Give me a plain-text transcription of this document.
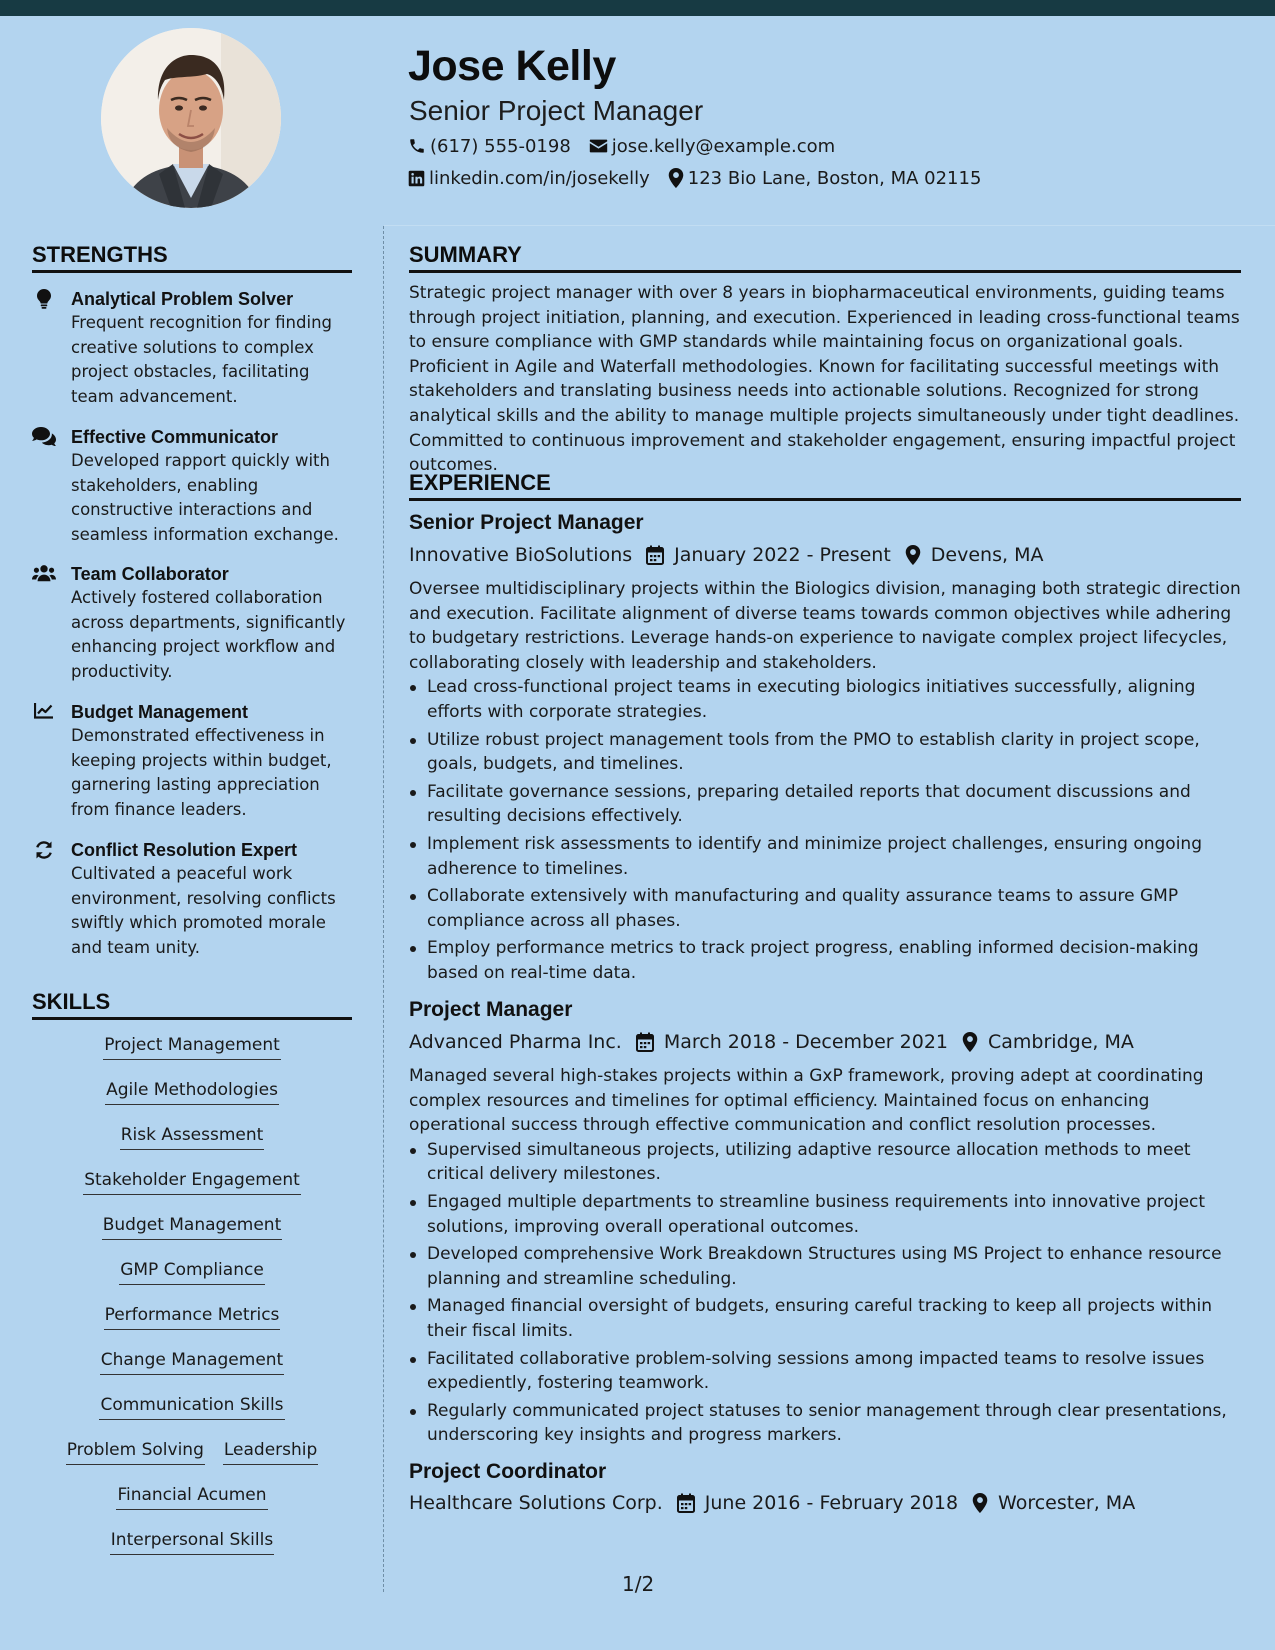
Jose Kelly
Senior Project Manager
(617) 555-0198 jose.kelly@example.com
linkedin.com/in/josekelly 123 Bio Lane, Boston, MA 02115
STRENGTHS
Analytical Problem Solver
Frequent recognition for finding creative solutions to complex project obstacles, facilitating team advancement.
Effective Communicator
Developed rapport quickly with stakeholders, enabling constructive interactions and seamless information exchange.
Team Collaborator
Actively fostered collaboration across departments, significantly enhancing project workflow and productivity.
Budget Management
Demonstrated effectiveness in keeping projects within budget, garnering lasting appreciation from finance leaders.
Conflict Resolution Expert
Cultivated a peaceful work environment, resolving conflicts swiftly which promoted morale and team unity.
SKILLS
Project Management
Agile Methodologies
Risk Assessment
Stakeholder Engagement
Budget Management
GMP Compliance
Performance Metrics
Change Management
Communication Skills
Problem Solving Leadership
Financial Acumen
Interpersonal Skills
SUMMARY
Strategic project manager with over 8 years in biopharmaceutical environments, guiding teams through project initiation, planning, and execution. Experienced in leading cross-functional teams to ensure compliance with GMP standards while maintaining focus on organizational goals. Proficient in Agile and Waterfall methodologies. Known for facilitating successful meetings with stakeholders and translating business needs into actionable solutions. Recognized for strong analytical skills and the ability to manage multiple projects simultaneously under tight deadlines. Committed to continuous improvement and stakeholder engagement, ensuring impactful project outcomes.
EXPERIENCE
Senior Project Manager
Innovative BioSolutions January 2022 - Present Devens, MA
Oversee multidisciplinary projects within the Biologics division, managing both strategic direction and execution. Facilitate alignment of diverse teams towards common objectives while adhering to budgetary restrictions. Leverage hands-on experience to navigate complex project lifecycles, collaborating closely with leadership and stakeholders.
Lead cross-functional project teams in executing biologics initiatives successfully, aligning efforts with corporate strategies.
Utilize robust project management tools from the PMO to establish clarity in project scope, goals, budgets, and timelines.
Facilitate governance sessions, preparing detailed reports that document discussions and resulting decisions effectively.
Implement risk assessments to identify and minimize project challenges, ensuring ongoing adherence to timelines.
Collaborate extensively with manufacturing and quality assurance teams to assure GMP compliance across all phases.
Employ performance metrics to track project progress, enabling informed decision-making based on real-time data.
Project Manager
Advanced Pharma Inc. March 2018 - December 2021 Cambridge, MA
Managed several high-stakes projects within a GxP framework, proving adept at coordinating complex resources and timelines for optimal efficiency. Maintained focus on enhancing operational success through effective communication and conflict resolution processes.
Supervised simultaneous projects, utilizing adaptive resource allocation methods to meet critical delivery milestones.
Engaged multiple departments to streamline business requirements into innovative project solutions, improving overall operational outcomes.
Developed comprehensive Work Breakdown Structures using MS Project to enhance resource planning and streamline scheduling.
Managed financial oversight of budgets, ensuring careful tracking to keep all projects within their fiscal limits.
Facilitated collaborative problem-solving sessions among impacted teams to resolve issues expediently, fostering teamwork.
Regularly communicated project statuses to senior management through clear presentations, underscoring key insights and progress markers.
Project Coordinator
Healthcare Solutions Corp. June 2016 - February 2018 Worcester, MA
1/2
